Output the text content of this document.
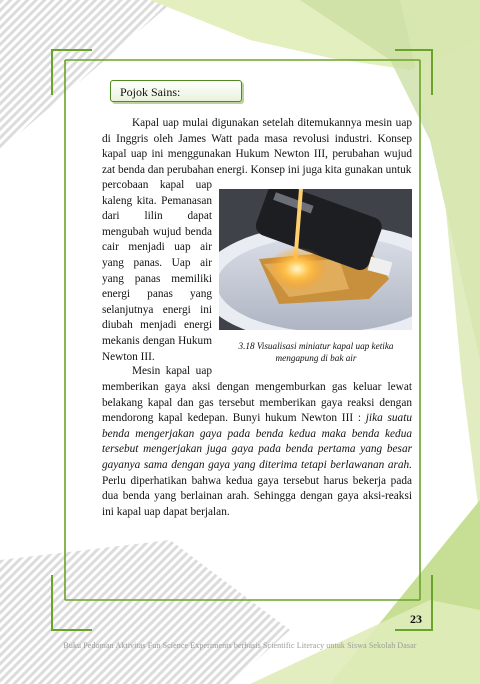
Pojok Sains:

Kapal uap mulai digunakan setelah ditemukannya mesin uap di Inggris oleh James Watt pada masa revolusi industri. Konsep kapal uap ini menggunakan Hukum Newton III, perubahan wujud zat benda dan perubahan energi. Konsep ini juga kita gunakan untuk

percobaan kapal uap kaleng kita. Pemanasan dari lilin dapat mengubah wujud benda cair menjadi uap air yang panas. Uap air yang panas memiliki energi panas yang selanjutnya energi ini diubah menjadi energi mekanis dengan Hukum Newton III.

3.18 Visualisasi miniatur kapal uap ketika mengapung di bak air
Mesin kapal uap

memberikan gaya aksi dengan mengemburkan gas keluar lewat belakang kapal dan gas tersebut memberikan gaya reaksi dengan mendorong kapal kedepan. Bunyi hukum Newton III : jika suatu benda mengerjakan gaya pada benda kedua maka benda kedua tersebut mengerjakan juga gaya pada benda pertama yang besar gayanya sama dengan gaya yang diterima tetapi berlawanan arah. Perlu diperhatikan bahwa kedua gaya tersebut harus bekerja pada dua benda yang berlainan arah. Sehingga dengan gaya aksi-reaksi ini kapal uap dapat berjalan.

23
Buku Pedoman Aktivitas Fun Science Experiments berbasis Scientific Literacy untuk Siswa Sekolah Dasar
